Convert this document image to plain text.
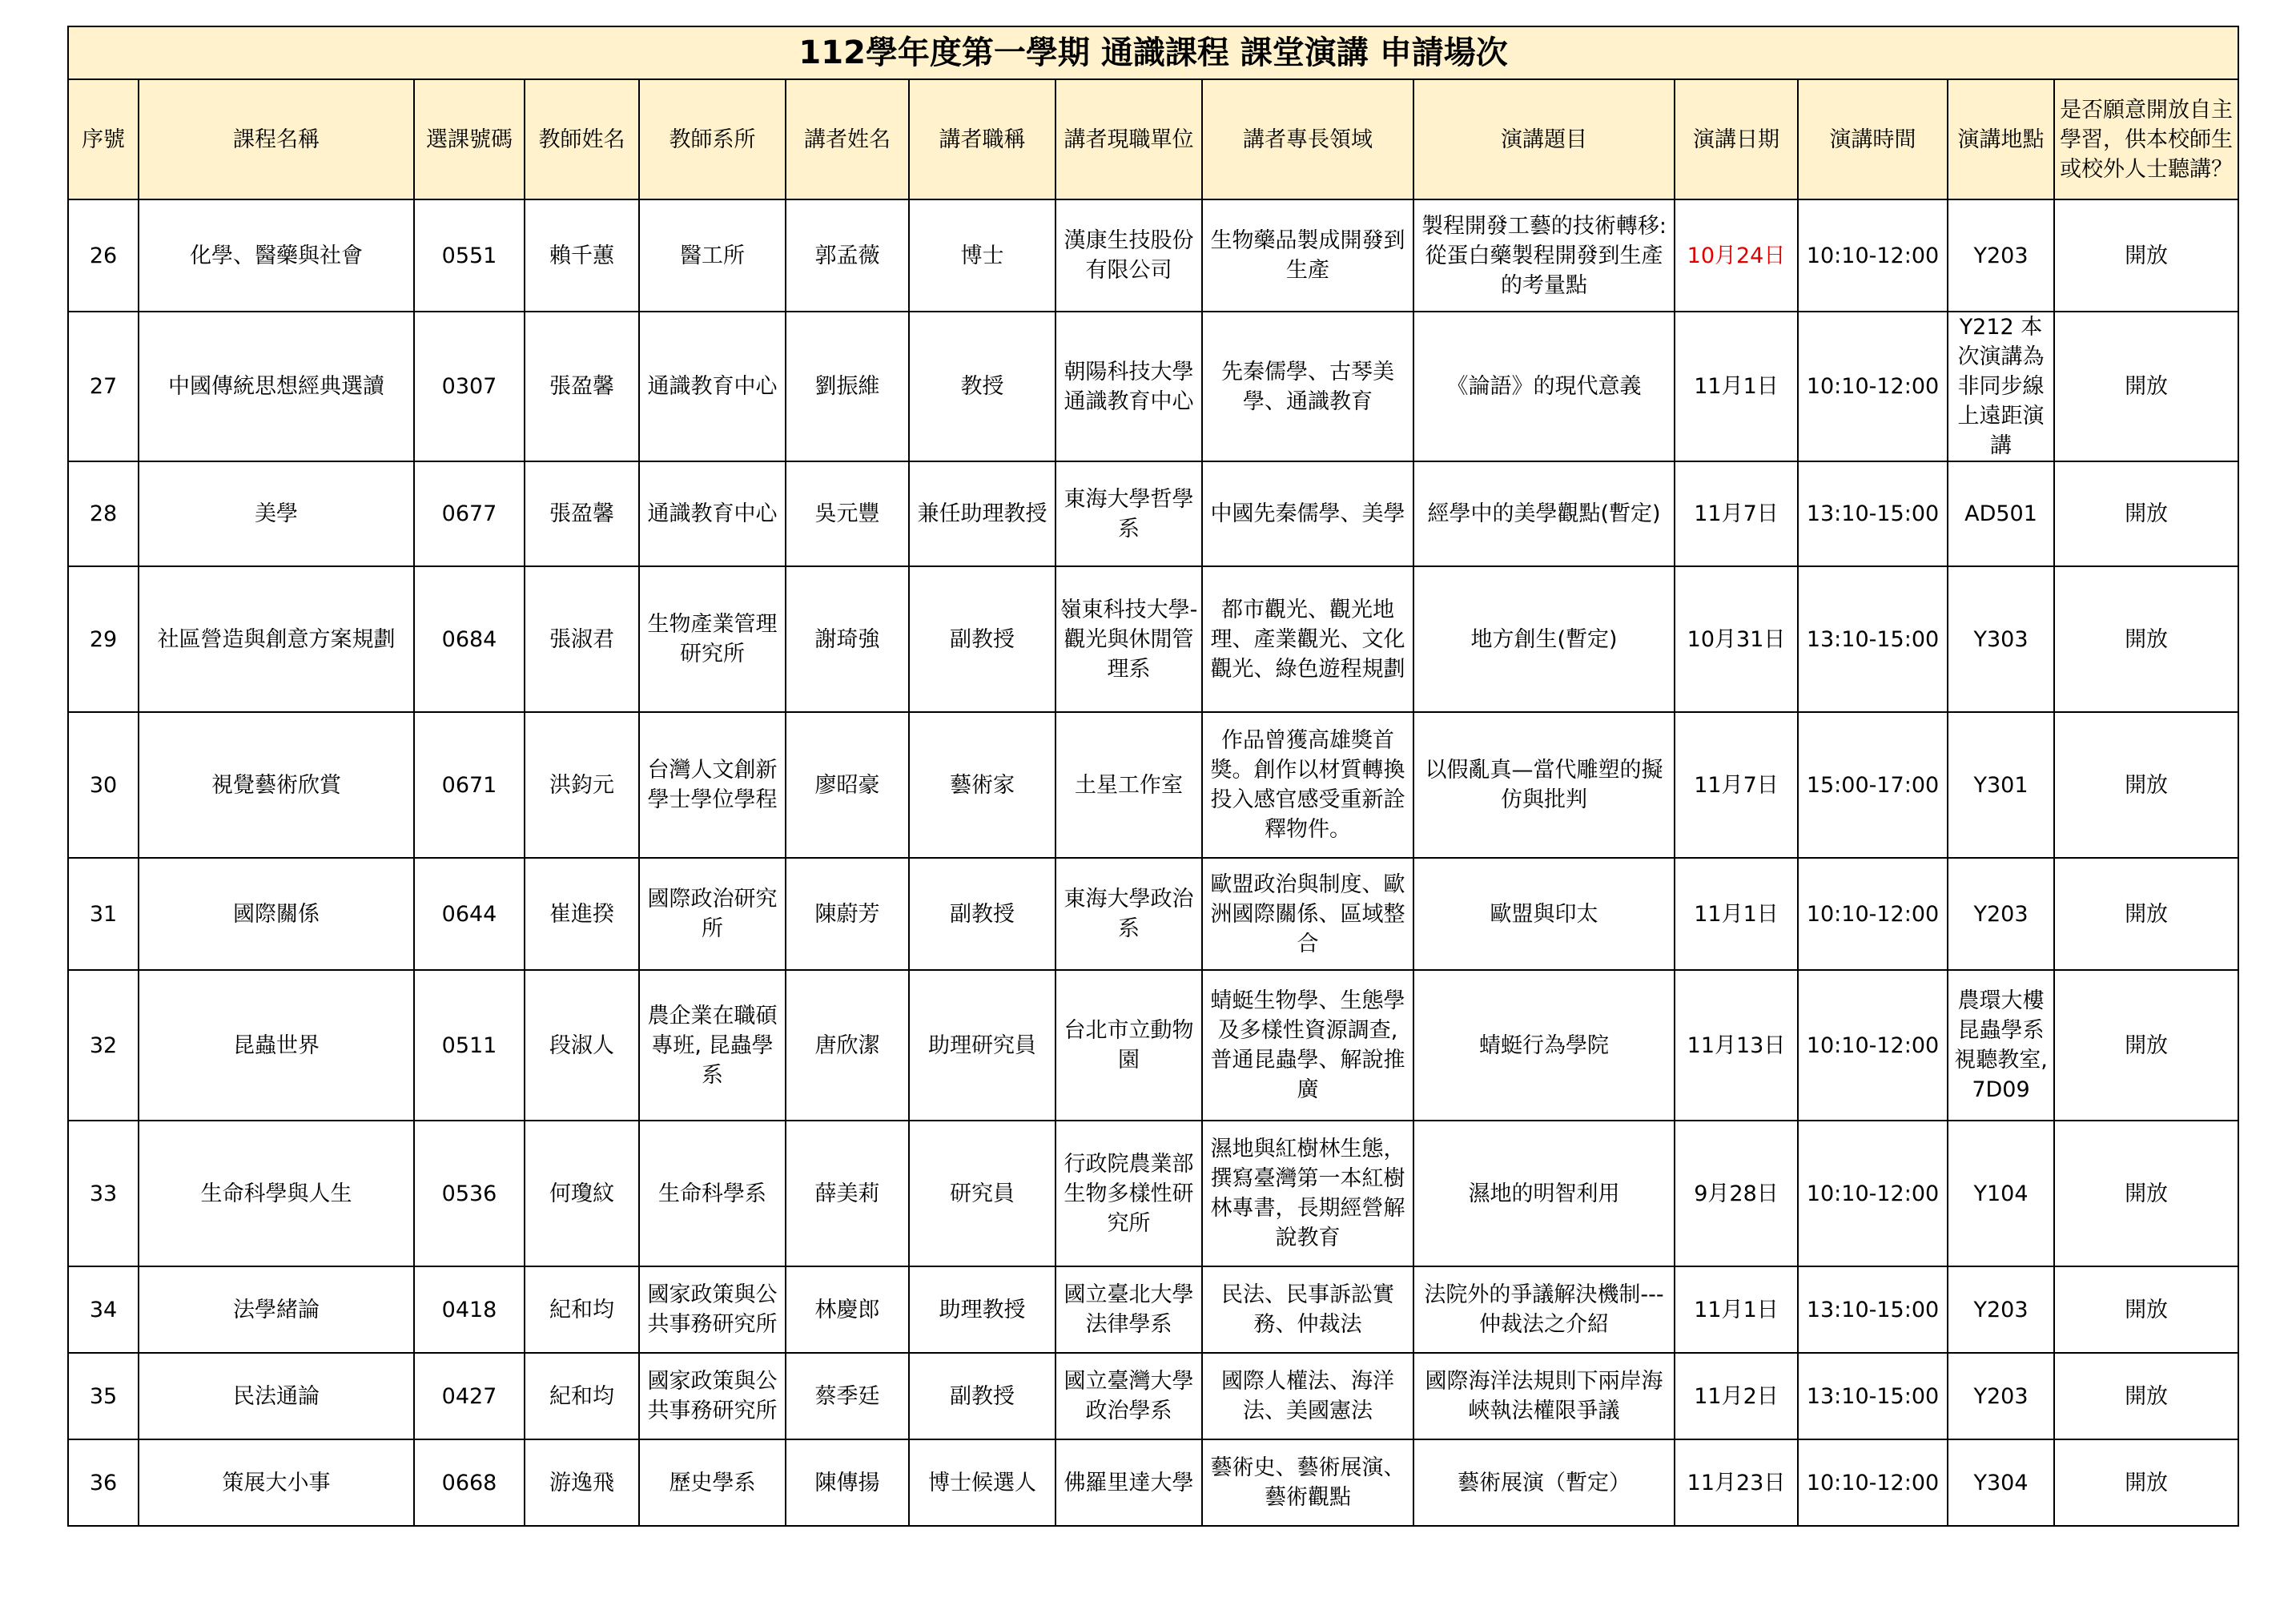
112學年度第一學期 通識課程 課堂演講 申請場次													
序號	課程名稱	選課號碼	教師姓名	教師系所	講者姓名	講者職稱	講者現職單位	講者專長領域	演講題目	演講日期	演講時間	演講地點	是否願意開放自主學習，供本校師生或校外人士聽講？
26	化學、醫藥與社會	0551	賴千蕙	醫工所	郭孟薇	博士	漢康生技股份有限公司	生物藥品製成開發到生產	製程開發工藝的技術轉移:從蛋白藥製程開發到生產的考量點	10月24日	10:10-12:00	Y203	開放
27	中國傳統思想經典選讀	0307	張盈馨	通識教育中心	劉振維	教授	朝陽科技大學通識教育中心	先秦儒學、古琴美學、通識教育	《論語》的現代意義	11月1日	10:10-12:00	Y212 本次演講為非同步線上遠距演講	開放
28	美學	0677	張盈馨	通識教育中心	吳元豐	兼任助理教授	東海大學哲學系	中國先秦儒學、美學	經學中的美學觀點(暫定)	11月7日	13:10-15:00	AD501	開放
29	社區營造與創意方案規劃	0684	張淑君	生物產業管理研究所	謝琦強	副教授	嶺東科技大學-觀光與休閒管理系	都市觀光、觀光地理、產業觀光、文化觀光、綠色遊程規劃	地方創生(暫定)	10月31日	13:10-15:00	Y303	開放
30	視覺藝術欣賞	0671	洪鈞元	台灣人文創新學士學位學程	廖昭豪	藝術家	土星工作室	作品曾獲高雄獎首獎。創作以材質轉換投入感官感受重新詮釋物件。	以假亂真—當代雕塑的擬仿與批判	11月7日	15:00-17:00	Y301	開放
31	國際關係	0644	崔進揆	國際政治研究所	陳蔚芳	副教授	東海大學政治系	歐盟政治與制度、歐洲國際關係、區域整合	歐盟與印太	11月1日	10:10-12:00	Y203	開放
32	昆蟲世界	0511	段淑人	農企業在職碩專班, 昆蟲學系	唐欣潔	助理研究員	台北市立動物園	蜻蜓生物學、生態學及多樣性資源調查, 普通昆蟲學、解說推廣	蜻蜓行為學院	11月13日	10:10-12:00	農環大樓昆蟲學系視聽教室, 7D09	開放
33	生命科學與人生	0536	何瓊紋	生命科學系	薛美莉	研究員	行政院農業部生物多樣性研究所	濕地與紅樹林生態，撰寫臺灣第一本紅樹林專書，長期經營解說教育	濕地的明智利用	9月28日	10:10-12:00	Y104	開放
34	法學緒論	0418	紀和均	國家政策與公共事務研究所	林慶郎	助理教授	國立臺北大學法律學系	民法、民事訴訟實務、仲裁法	法院外的爭議解決機制---仲裁法之介紹	11月1日	13:10-15:00	Y203	開放
35	民法通論	0427	紀和均	國家政策與公共事務研究所	蔡季廷	副教授	國立臺灣大學政治學系	國際人權法、海洋法、美國憲法	國際海洋法規則下兩岸海峽執法權限爭議	11月2日	13:10-15:00	Y203	開放
36	策展大小事	0668	游逸飛	歷史學系	陳傳揚	博士候選人	佛羅里達大學	藝術史、藝術展演、藝術觀點	藝術展演（暫定）	11月23日	10:10-12:00	Y304	開放
